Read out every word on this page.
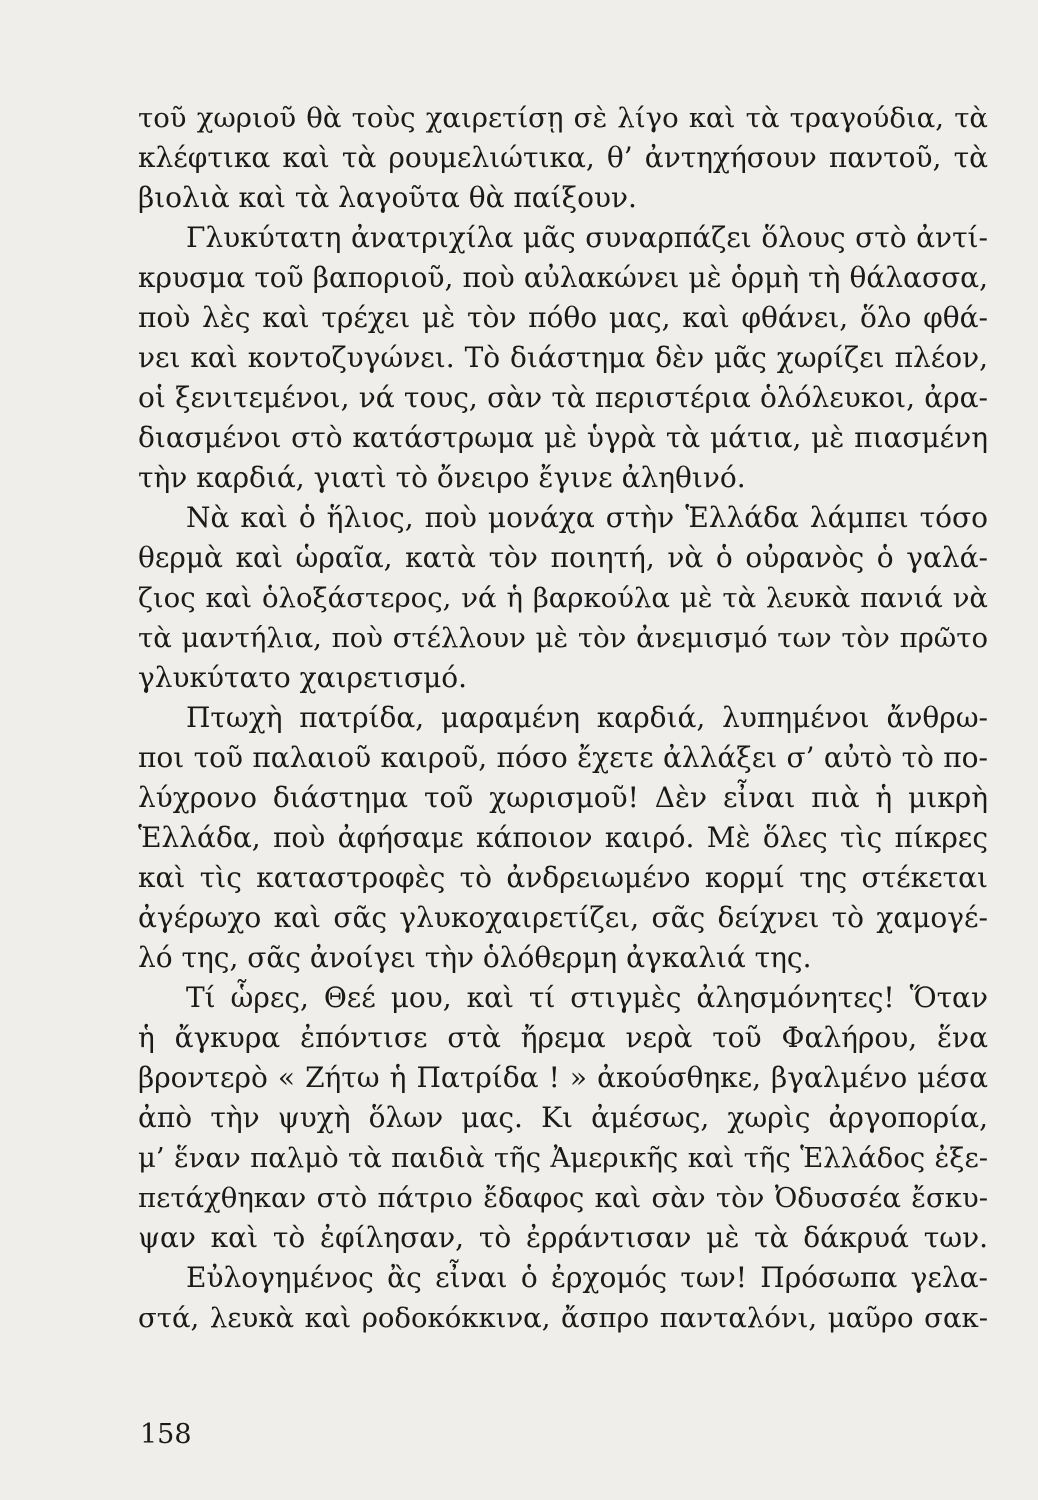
τοῦ χωριοῦ θὰ τοὺς χαιρετίσῃ σὲ λίγο καὶ τὰ τραγούδια, τὰ
κλέφτικα καὶ τὰ ρουμελιώτικα, θ’ ἀντηχήσουν παντοῦ, τὰ
βιολιὰ καὶ τὰ λαγοῦτα θὰ παίξουν.
Γλυκύτατη ἀνατριχίλα μᾶς συναρπάζει ὅλους στὸ ἀντί-
κρυσμα τοῦ βαποριοῦ, ποὺ αὐλακώνει μὲ ὁρμὴ τὴ θάλασσα,
ποὺ λὲς καὶ τρέχει μὲ τὸν πόθο μας, καὶ φθάνει, ὅλο φθά-
νει καὶ κοντοζυγώνει. Τὸ διάστημα δὲν μᾶς χωρίζει πλέον,
οἱ ξενιτεμένοι, νά τους, σὰν τὰ περιστέρια ὁλόλευκοι, ἀρα-
διασμένοι στὸ κατάστρωμα μὲ ὑγρὰ τὰ μάτια, μὲ πιασμένη
τὴν καρδιά, γιατὶ τὸ ὄνειρο ἔγινε ἀληθινό.
Νὰ καὶ ὁ ἥλιος, ποὺ μονάχα στὴν Ἑλλάδα λάμπει τόσο
θερμὰ καὶ ὡραῖα, κατὰ τὸν ποιητή, νὰ ὁ οὐρανὸς ὁ γαλά-
ζιος καὶ ὁλοξάστερος, νά ἡ βαρκούλα μὲ τὰ λευκὰ πανιά νὰ
τὰ μαντήλια, ποὺ στέλλουν μὲ τὸν ἀνεμισμό των τὸν πρῶτο
γλυκύτατο χαιρετισμό.
Πτωχὴ πατρίδα, μαραμένη καρδιά, λυπημένοι ἄνθρω-
ποι τοῦ παλαιοῦ καιροῦ, πόσο ἔχετε ἀλλάξει σ’ αὐτὸ τὸ πο-
λύχρονο διάστημα τοῦ χωρισμοῦ! Δὲν εἶναι πιὰ ἡ μικρὴ
Ἑλλάδα, ποὺ ἀφήσαμε κάποιον καιρό. Μὲ ὅλες τὶς πίκρες
καὶ τὶς καταστροφὲς τὸ ἀνδρειωμένο κορμί της στέκεται
ἀγέρωχο καὶ σᾶς γλυκοχαιρετίζει, σᾶς δείχνει τὸ χαμογέ-
λό της, σᾶς ἀνοίγει τὴν ὁλόθερμη ἀγκαλιά της.
Τί ὧρες, Θεέ μου, καὶ τί στιγμὲς ἀλησμόνητες! Ὅταν
ἡ ἄγκυρα ἐπόντισε στὰ ἤρεμα νερὰ τοῦ Φαλήρου, ἕνα
βροντερὸ « Ζήτω ἡ Πατρίδα ! » ἀκούσθηκε, βγαλμένο μέσα
ἀπὸ τὴν ψυχὴ ὅλων μας. Κι ἀμέσως, χωρὶς ἀργοπορία,
μ’ ἕναν παλμὸ τὰ παιδιὰ τῆς Ἀμερικῆς καὶ τῆς Ἑλλάδος ἐξε-
πετάχθηκαν στὸ πάτριο ἔδαφος καὶ σὰν τὸν Ὀδυσσέα ἔσκυ-
ψαν καὶ τὸ ἐφίλησαν, τὸ ἐρράντισαν μὲ τὰ δάκρυά των.
Εὐλογημένος ἂς εἶναι ὁ ἐρχομός των! Πρόσωπα γελα-
στά, λευκὰ καὶ ροδοκόκκινα, ἄσπρο πανταλόνι, μαῦρο σακ-
158
